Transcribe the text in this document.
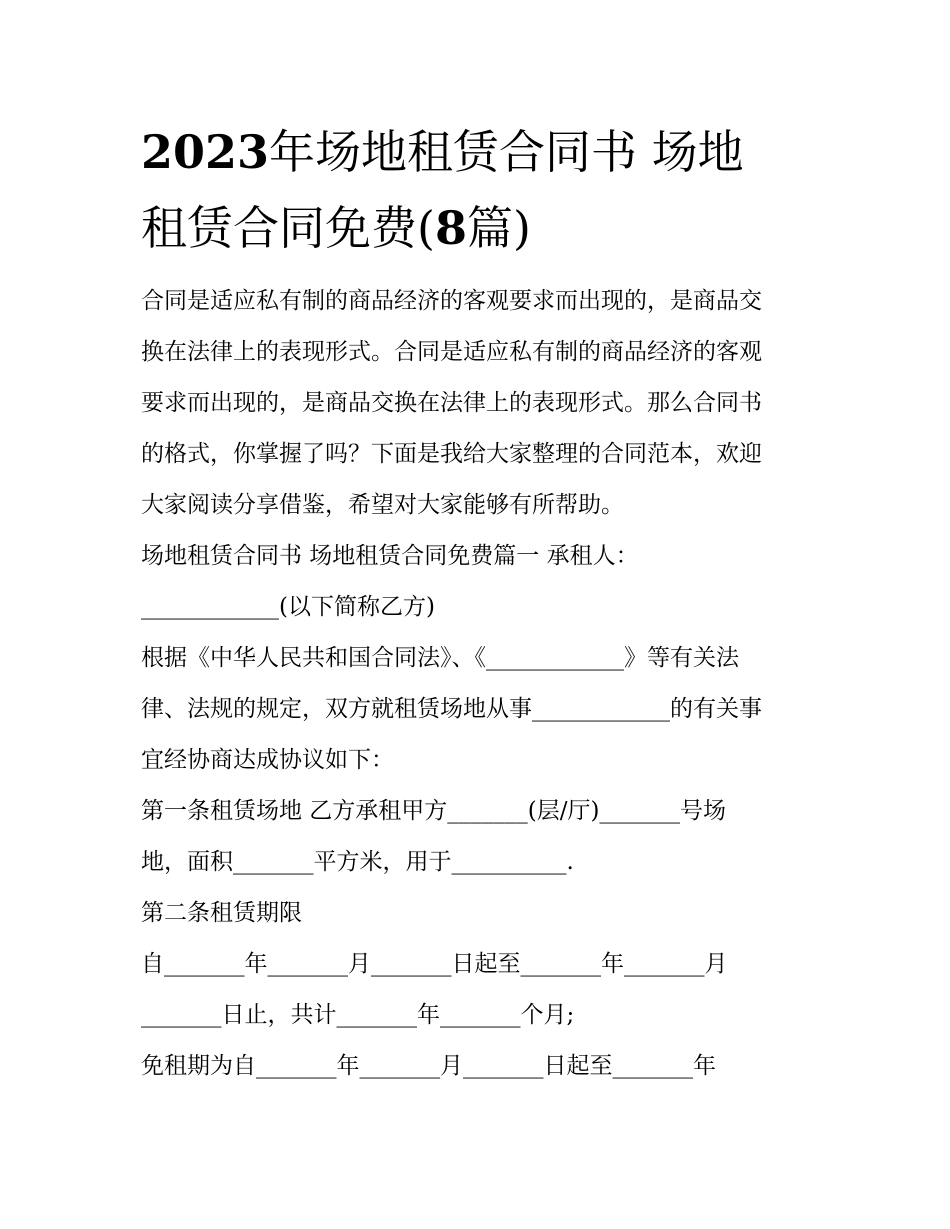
2023年场地租赁合同书 场地
租赁合同免费(8篇)
合同是适应私有制的商品经济的客观要求而出现的，是商品交
换在法律上的表现形式。合同是适应私有制的商品经济的客观
要求而出现的，是商品交换在法律上的表现形式。那么合同书
的格式，你掌握了吗？下面是我给大家整理的合同范本，欢迎
大家阅读分享借鉴，希望对大家能够有所帮助。
场地租赁合同书 场地租赁合同免费篇一 承租人：
____________(以下简称乙方)
根据《中华人民共和国合同法》、《____________》等有关法
律、法规的规定，双方就租赁场地从事____________的有关事
宜经协商达成协议如下：
第一条租赁场地 乙方承租甲方_______(层/厅)_______号场
地，面积_______平方米，用于__________.
第二条租赁期限
自_______年_______月_______日起至_______年_______月
_______日止，共计_______年_______个月;
免租期为自_______年_______月_______日起至_______年
